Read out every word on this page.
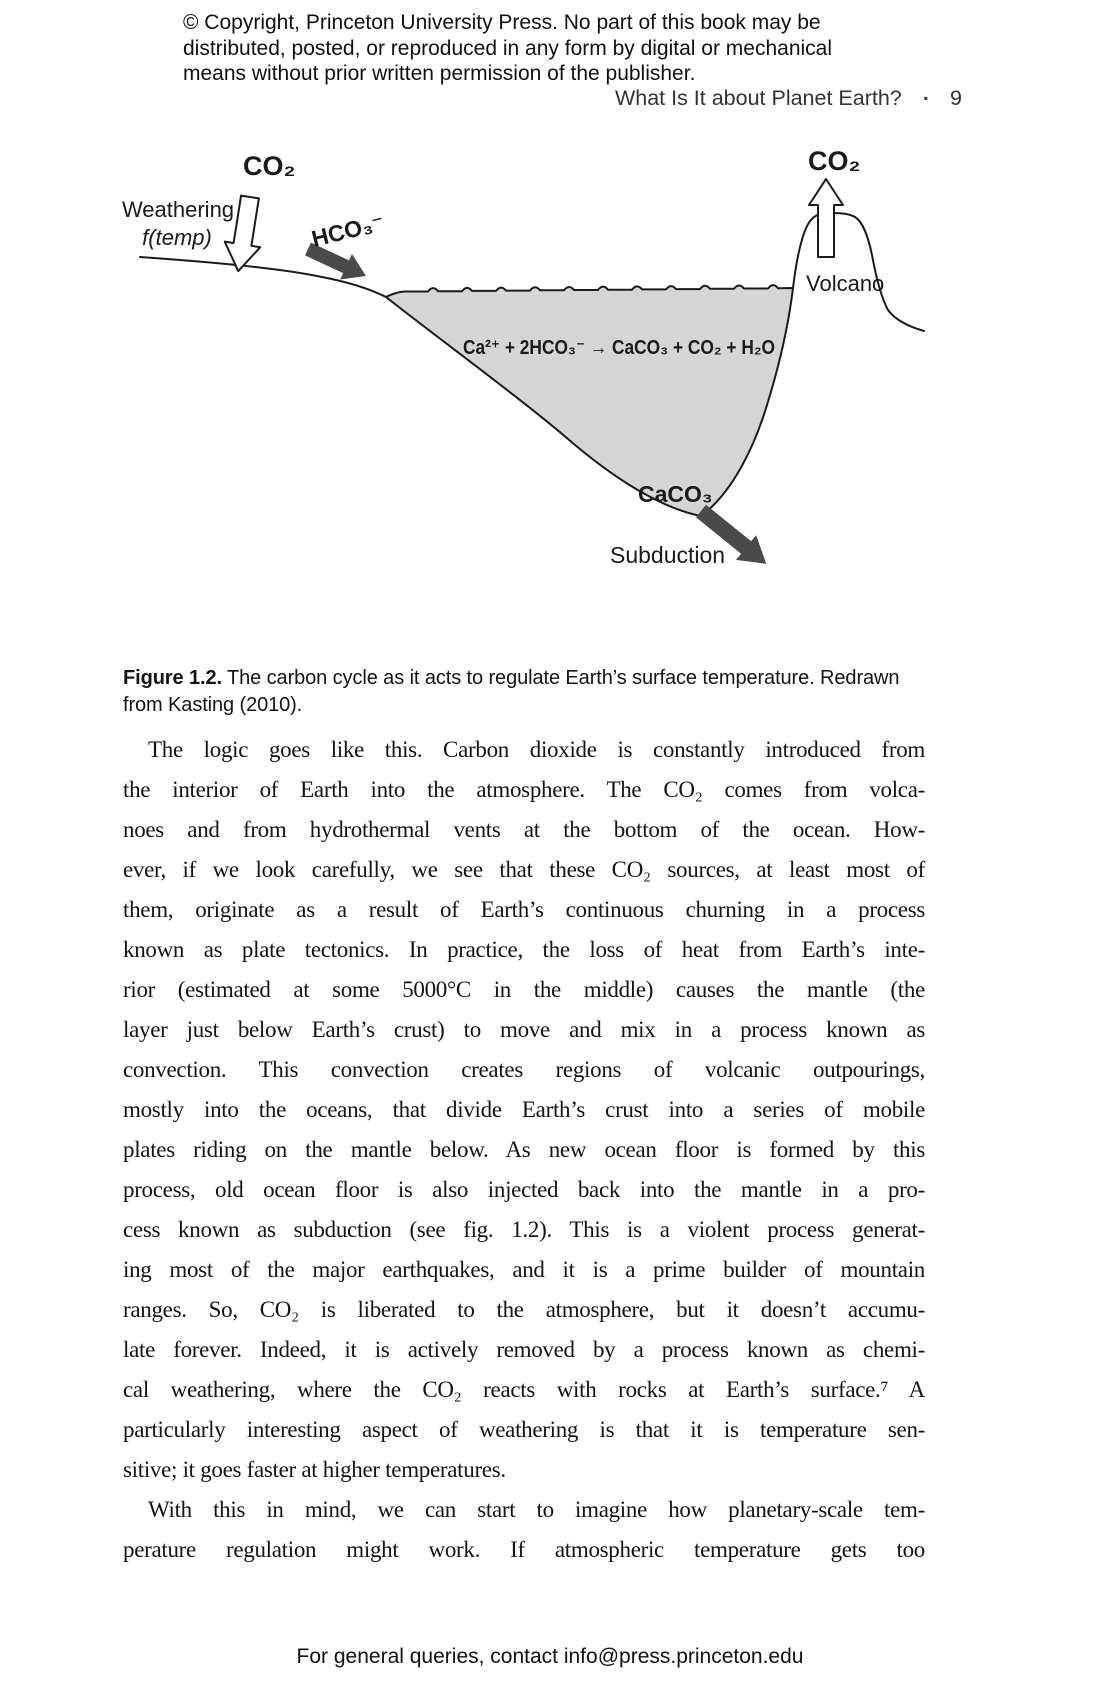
© Copyright, Princeton University Press. No part of this book may be
distributed, posted, or reproduced in any form by digital or mechanical
means without prior written permission of the publisher.
What Is It about Planet Earth? ▪ 9
CO₂
Weathering
f(temp)	HCO₃⁻
Ca²⁺ + 2HCO₃⁻ → CaCO₃ + CO₂ + H₂O
CO₂
Volcano
CaCO₃
Subduction

Figure 1.2. The carbon cycle as it acts to regulate Earth’s surface temperature. Redrawn from Kasting (2010).

The logic goes like this. Carbon dioxide is constantly introduced from
the interior of Earth into the atmosphere. The CO₂ comes from volca-
noes and from hydrothermal vents at the bottom of the ocean. How-
ever, if we look carefully, we see that these CO₂ sources, at least most of
them, originate as a result of Earth’s continuous churning in a process
known as plate tectonics. In practice, the loss of heat from Earth’s inte-
rior (estimated at some 5000°C in the middle) causes the mantle (the
layer just below Earth’s crust) to move and mix in a process known as
convection. This convection creates regions of volcanic outpourings,
mostly into the oceans, that divide Earth’s crust into a series of mobile
plates riding on the mantle below. As new ocean floor is formed by this
process, old ocean floor is also injected back into the mantle in a pro-
cess known as subduction (see fig. 1.2). This is a violent process generat-
ing most of the major earthquakes, and it is a prime builder of mountain
ranges. So, CO₂ is liberated to the atmosphere, but it doesn’t accumu-
late forever. Indeed, it is actively removed by a process known as chemi-
cal weathering, where the CO₂ reacts with rocks at Earth’s surface.⁷ A
particularly interesting aspect of weathering is that it is temperature sen-
sitive; it goes faster at higher temperatures.
With this in mind, we can start to imagine how planetary-scale tem-
perature regulation might work. If atmospheric temperature gets too
For general queries, contact info@press.princeton.edu
